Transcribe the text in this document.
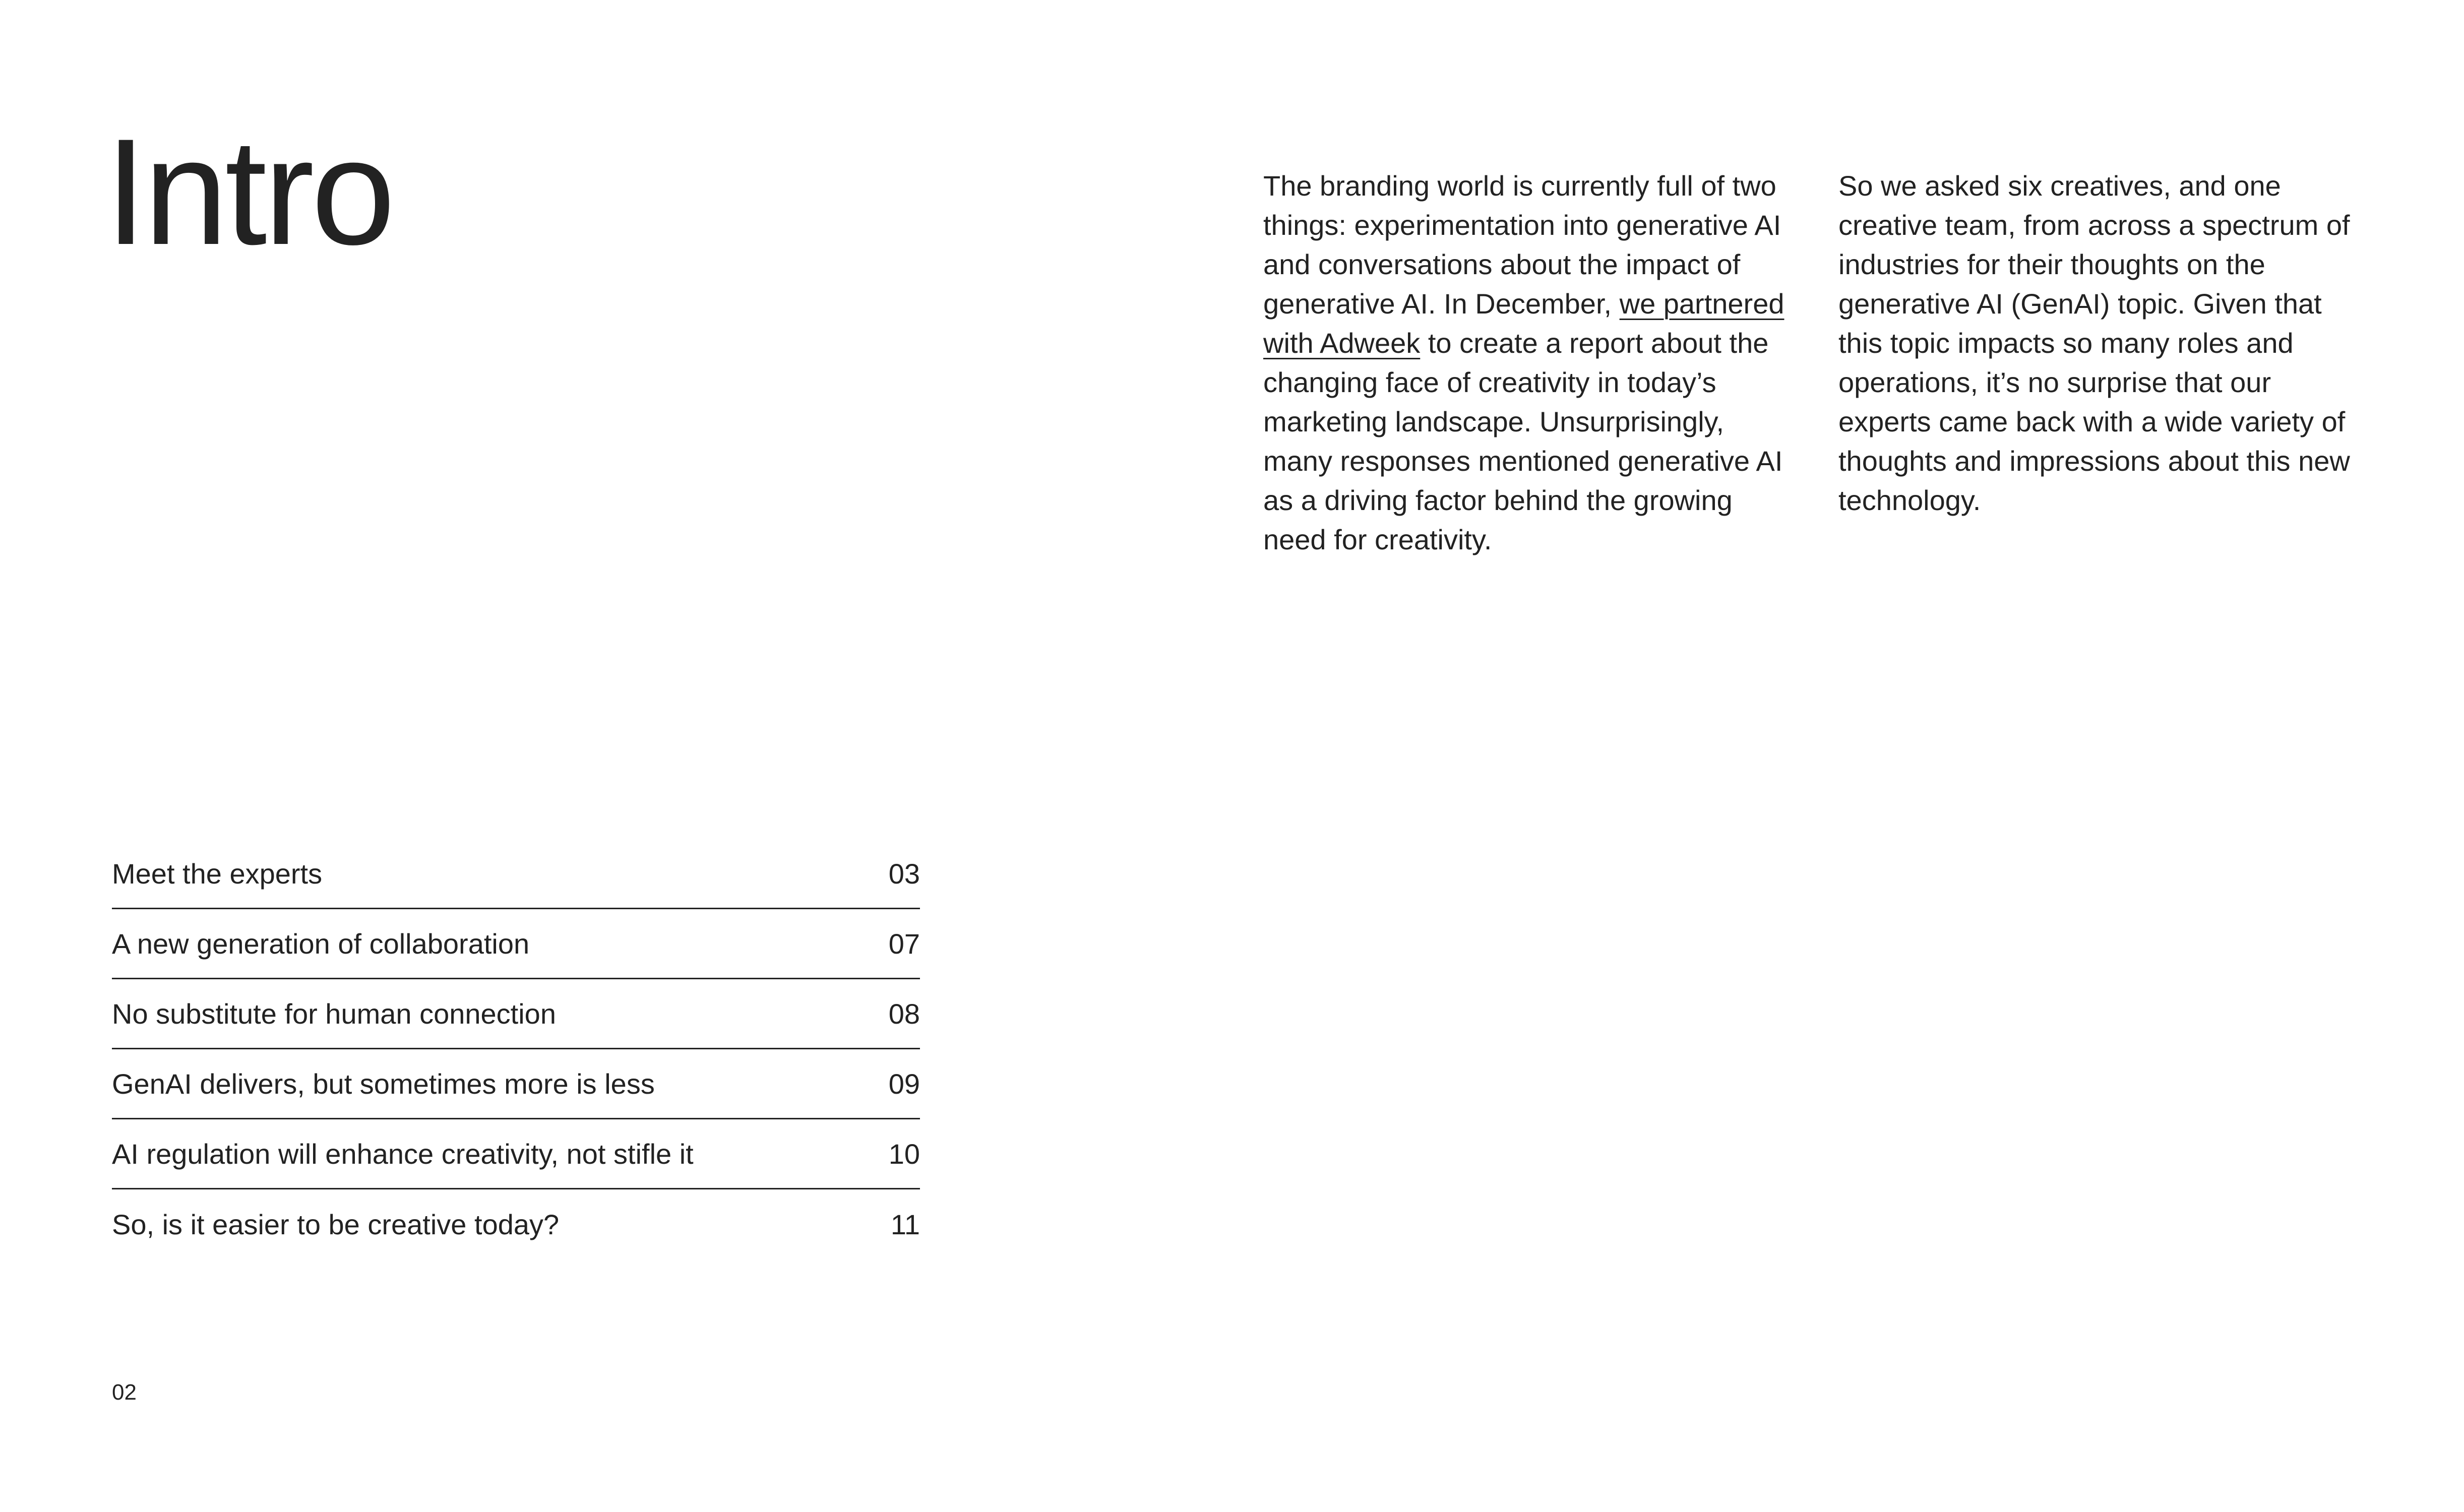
Intro	The branding world is currently full of two things: experimentation into generative AI and conversations about the impact of generative AI. In December, we partnered with Adweek to create a report about the changing face of creativity in today’s marketing landscape. Unsurprisingly, many responses mentioned generative AI as a driving factor behind the growing need for creativity.

So we asked six creatives, and one creative team, from across a spectrum of industries for their thoughts on the generative AI (GenAI) topic. Given that this topic impacts so many roles and operations, it’s no surprise that our experts came back with a wide variety of thoughts and impressions about this new technology.

Meet the experts	03
A new generation of collaboration	07
No substitute for human connection	08
GenAI delivers, but sometimes more is less	09
AI regulation will enhance creativity, not stifle it	10
So, is it easier to be creative today?	11
02
